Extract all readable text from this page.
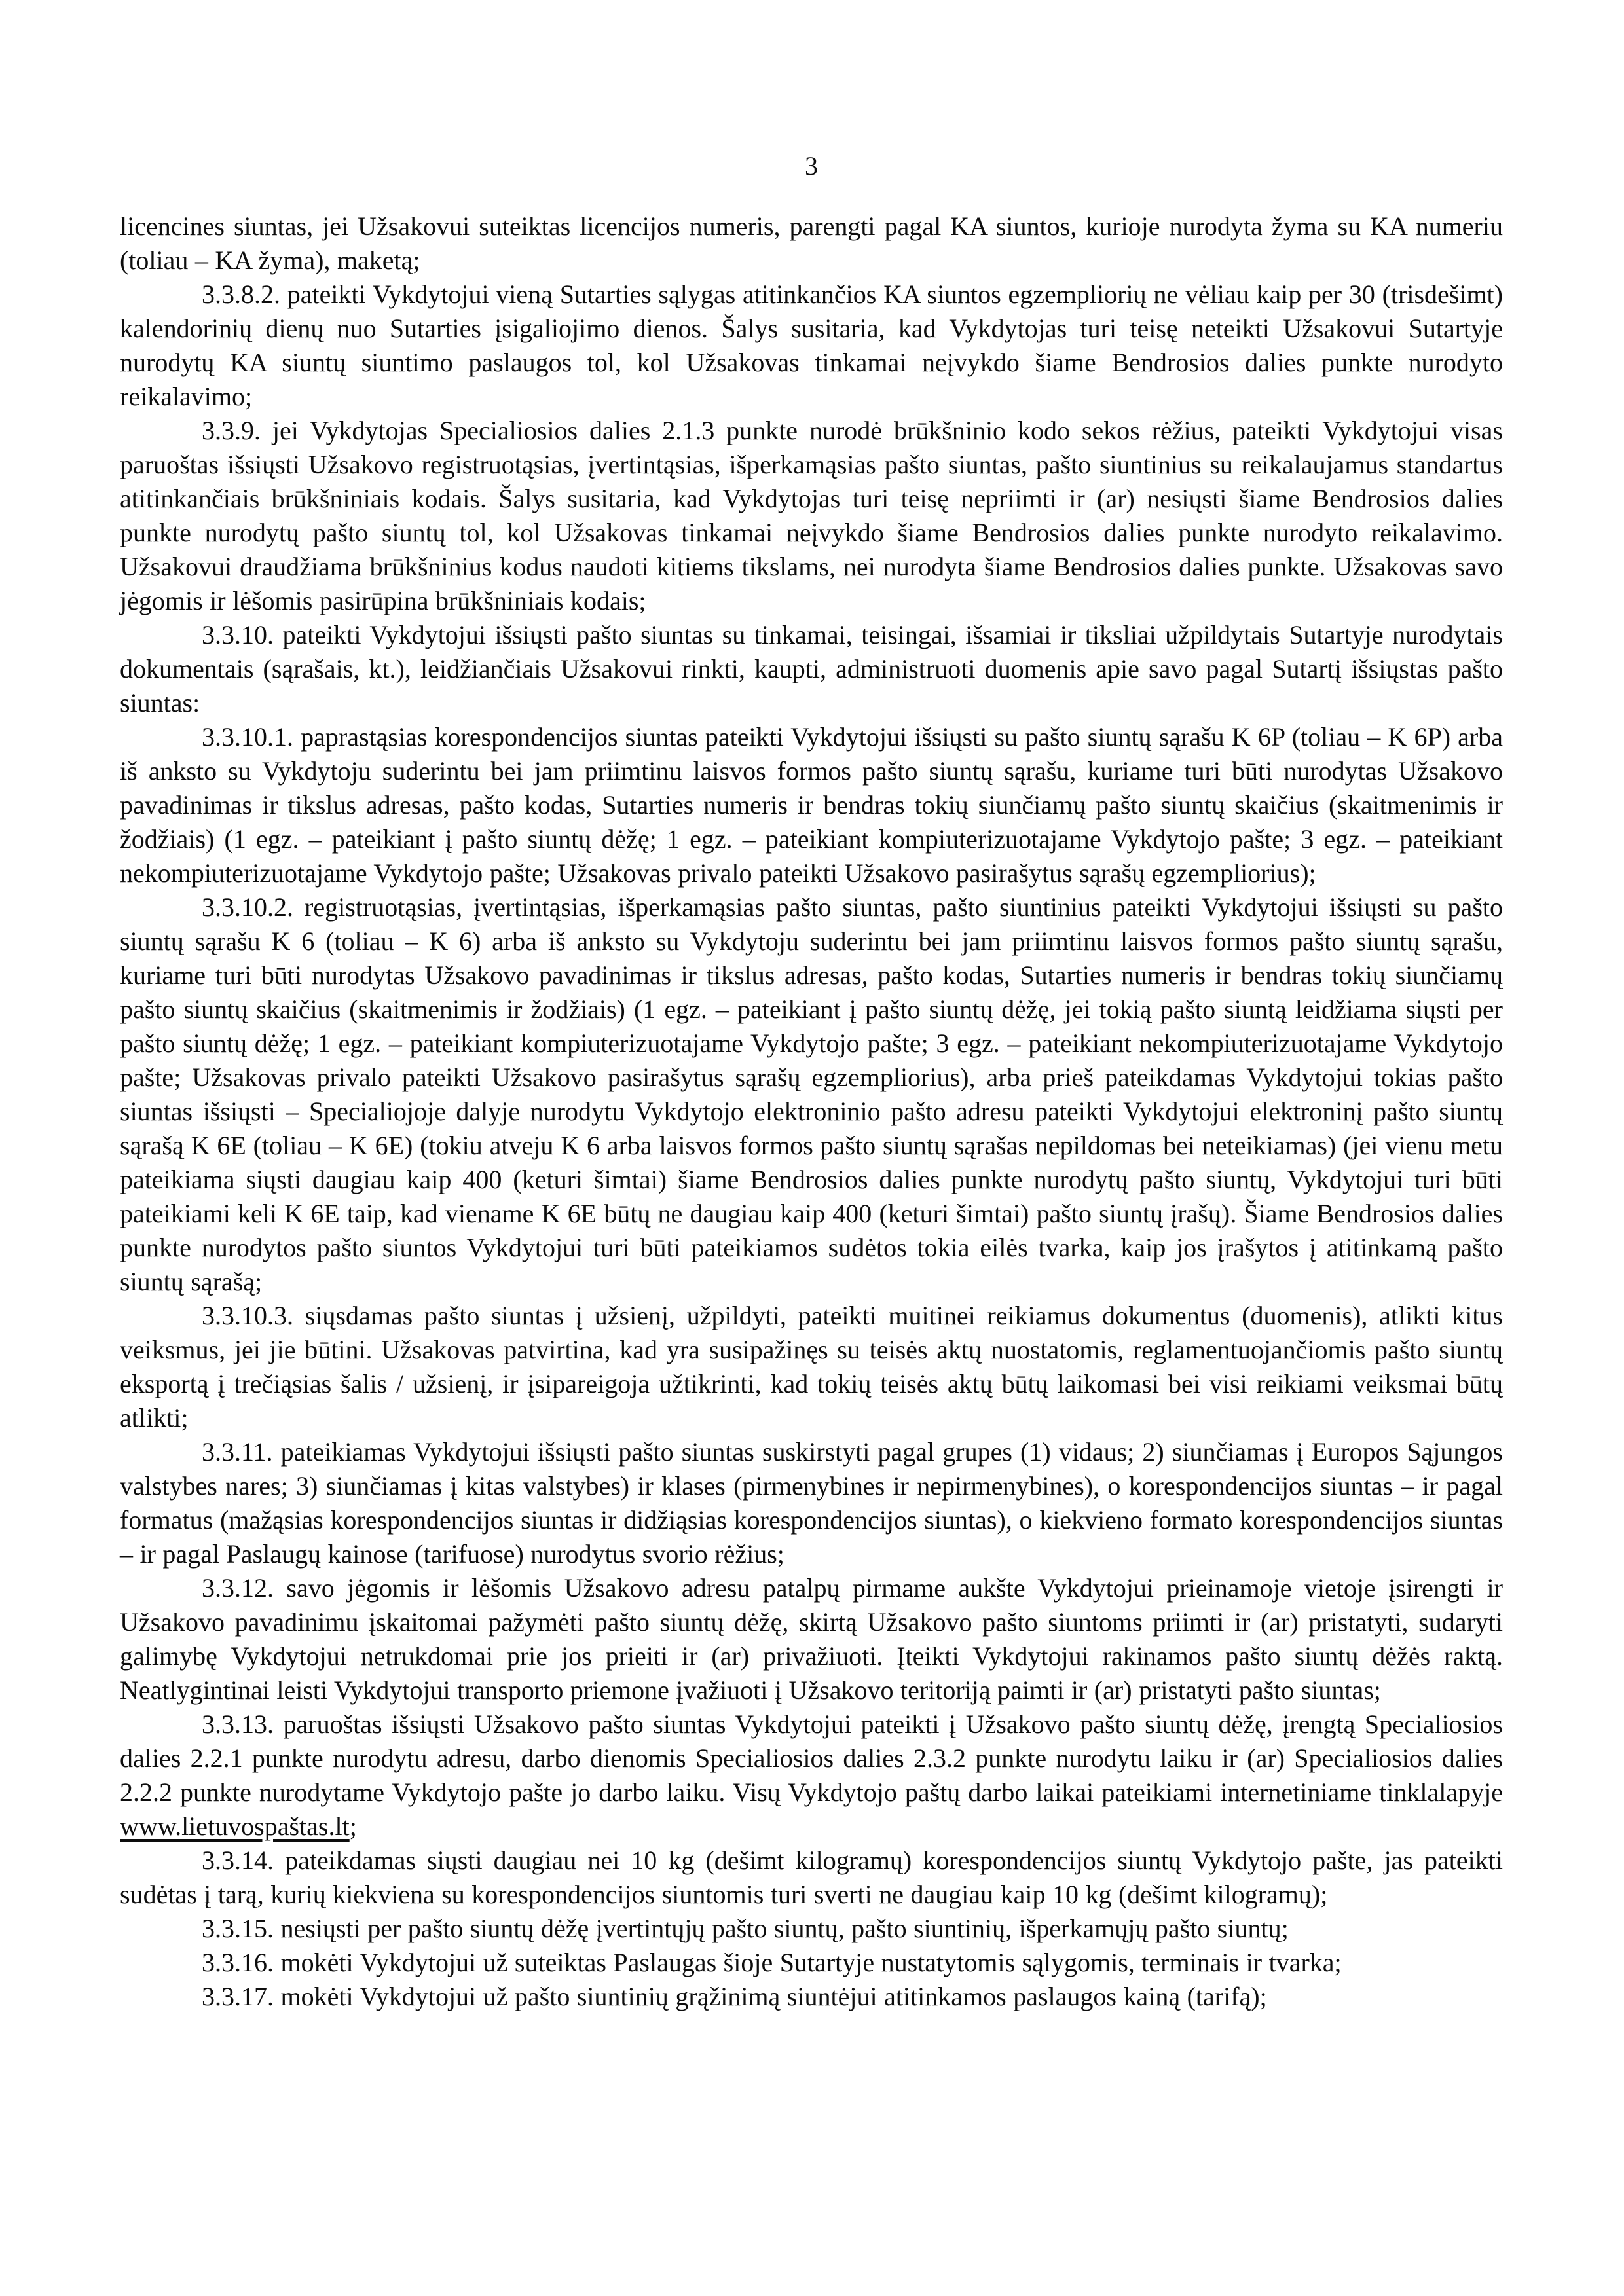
3

licencines siuntas, jei Užsakovui suteiktas licencijos numeris, parengti pagal KA siuntos, kurioje nurodyta žyma su KA numeriu (toliau – KA žyma), maketą;

3.3.8.2. pateikti Vykdytojui vieną Sutarties sąlygas atitinkančios KA siuntos egzempliorių ne vėliau kaip per 30 (trisdešimt) kalendorinių dienų nuo Sutarties įsigaliojimo dienos. Šalys susitaria, kad Vykdytojas turi teisę neteikti Užsakovui Sutartyje nurodytų KA siuntų siuntimo paslaugos tol, kol Užsakovas tinkamai neįvykdo šiame Bendrosios dalies punkte nurodyto reikalavimo;

3.3.9. jei Vykdytojas Specialiosios dalies 2.1.3 punkte nurodė brūkšninio kodo sekos rėžius, pateikti Vykdytojui visas paruoštas išsiųsti Užsakovo registruotąsias, įvertintąsias, išperkamąsias pašto siuntas, pašto siuntinius su reikalaujamus standartus atitinkančiais brūkšniniais kodais. Šalys susitaria, kad Vykdytojas turi teisę nepriimti ir (ar) nesiųsti šiame Bendrosios dalies punkte nurodytų pašto siuntų tol, kol Užsakovas tinkamai neįvykdo šiame Bendrosios dalies punkte nurodyto reikalavimo. Užsakovui draudžiama brūkšninius kodus naudoti kitiems tikslams, nei nurodyta šiame Bendrosios dalies punkte. Užsakovas savo jėgomis ir lėšomis pasirūpina brūkšniniais kodais;

3.3.10. pateikti Vykdytojui išsiųsti pašto siuntas su tinkamai, teisingai, išsamiai ir tiksliai užpildytais Sutartyje nurodytais dokumentais (sąrašais, kt.), leidžiančiais Užsakovui rinkti, kaupti, administruoti duomenis apie savo pagal Sutartį išsiųstas pašto siuntas:

3.3.10.1. paprastąsias korespondencijos siuntas pateikti Vykdytojui išsiųsti su pašto siuntų sąrašu K 6P (toliau – K 6P) arba iš anksto su Vykdytoju suderintu bei jam priimtinu laisvos formos pašto siuntų sąrašu, kuriame turi būti nurodytas Užsakovo pavadinimas ir tikslus adresas, pašto kodas, Sutarties numeris ir bendras tokių siunčiamų pašto siuntų skaičius (skaitmenimis ir žodžiais) (1 egz. – pateikiant į pašto siuntų dėžę; 1 egz. – pateikiant kompiuterizuotajame Vykdytojo pašte; 3 egz. – pateikiant nekompiuterizuotajame Vykdytojo pašte; Užsakovas privalo pateikti Užsakovo pasirašytus sąrašų egzempliorius);

3.3.10.2. registruotąsias, įvertintąsias, išperkamąsias pašto siuntas, pašto siuntinius pateikti Vykdytojui išsiųsti su pašto siuntų sąrašu K 6 (toliau – K 6) arba iš anksto su Vykdytoju suderintu bei jam priimtinu laisvos formos pašto siuntų sąrašu, kuriame turi būti nurodytas Užsakovo pavadinimas ir tikslus adresas, pašto kodas, Sutarties numeris ir bendras tokių siunčiamų pašto siuntų skaičius (skaitmenimis ir žodžiais) (1 egz. – pateikiant į pašto siuntų dėžę, jei tokią pašto siuntą leidžiama siųsti per pašto siuntų dėžę; 1 egz. – pateikiant kompiuterizuotajame Vykdytojo pašte; 3 egz. – pateikiant nekompiuterizuotajame Vykdytojo pašte; Užsakovas privalo pateikti Užsakovo pasirašytus sąrašų egzempliorius), arba prieš pateikdamas Vykdytojui tokias pašto siuntas išsiųsti – Specialiojoje dalyje nurodytu Vykdytojo elektroninio pašto adresu pateikti Vykdytojui elektroninį pašto siuntų sąrašą K 6E (toliau – K 6E) (tokiu atveju K 6 arba laisvos formos pašto siuntų sąrašas nepildomas bei neteikiamas) (jei vienu metu pateikiama siųsti daugiau kaip 400 (keturi šimtai) šiame Bendrosios dalies punkte nurodytų pašto siuntų, Vykdytojui turi būti pateikiami keli K 6E taip, kad viename K 6E būtų ne daugiau kaip 400 (keturi šimtai) pašto siuntų įrašų). Šiame Bendrosios dalies punkte nurodytos pašto siuntos Vykdytojui turi būti pateikiamos sudėtos tokia eilės tvarka, kaip jos įrašytos į atitinkamą pašto siuntų sąrašą;

3.3.10.3. siųsdamas pašto siuntas į užsienį, užpildyti, pateikti muitinei reikiamus dokumentus (duomenis), atlikti kitus veiksmus, jei jie būtini. Užsakovas patvirtina, kad yra susipažinęs su teisės aktų nuostatomis, reglamentuojančiomis pašto siuntų eksportą į trečiąsias šalis / užsienį, ir įsipareigoja užtikrinti, kad tokių teisės aktų būtų laikomasi bei visi reikiami veiksmai būtų atlikti;

3.3.11. pateikiamas Vykdytojui išsiųsti pašto siuntas suskirstyti pagal grupes (1) vidaus; 2) siunčiamas į Europos Sąjungos valstybes nares; 3) siunčiamas į kitas valstybes) ir klases (pirmenybines ir nepirmenybines), o korespondencijos siuntas – ir pagal formatus (mažąsias korespondencijos siuntas ir didžiąsias korespondencijos siuntas), o kiekvieno formato korespondencijos siuntas – ir pagal Paslaugų kainose (tarifuose) nurodytus svorio rėžius;

3.3.12. savo jėgomis ir lėšomis Užsakovo adresu patalpų pirmame aukšte Vykdytojui prieinamoje vietoje įsirengti ir Užsakovo pavadinimu įskaitomai pažymėti pašto siuntų dėžę, skirtą Užsakovo pašto siuntoms priimti ir (ar) pristatyti, sudaryti galimybę Vykdytojui netrukdomai prie jos prieiti ir (ar) privažiuoti. Įteikti Vykdytojui rakinamos pašto siuntų dėžės raktą. Neatlygintinai leisti Vykdytojui transporto priemone įvažiuoti į Užsakovo teritoriją paimti ir (ar) pristatyti pašto siuntas;

3.3.13. paruoštas išsiųsti Užsakovo pašto siuntas Vykdytojui pateikti į Užsakovo pašto siuntų dėžę, įrengtą Specialiosios dalies 2.2.1 punkte nurodytu adresu, darbo dienomis Specialiosios dalies 2.3.2 punkte nurodytu laiku ir (ar) Specialiosios dalies 2.2.2 punkte nurodytame Vykdytojo pašte jo darbo laiku. Visų Vykdytojo paštų darbo laikai pateikiami internetiniame tinklalapyje www.lietuvospaštas.lt;

3.3.14. pateikdamas siųsti daugiau nei 10 kg (dešimt kilogramų) korespondencijos siuntų Vykdytojo pašte, jas pateikti sudėtas į tarą, kurių kiekviena su korespondencijos siuntomis turi sverti ne daugiau kaip 10 kg (dešimt kilogramų);

3.3.15. nesiųsti per pašto siuntų dėžę įvertintųjų pašto siuntų, pašto siuntinių, išperkamųjų pašto siuntų;

3.3.16. mokėti Vykdytojui už suteiktas Paslaugas šioje Sutartyje nustatytomis sąlygomis, terminais ir tvarka;

3.3.17. mokėti Vykdytojui už pašto siuntinių grąžinimą siuntėjui atitinkamos paslaugos kainą (tarifą);
